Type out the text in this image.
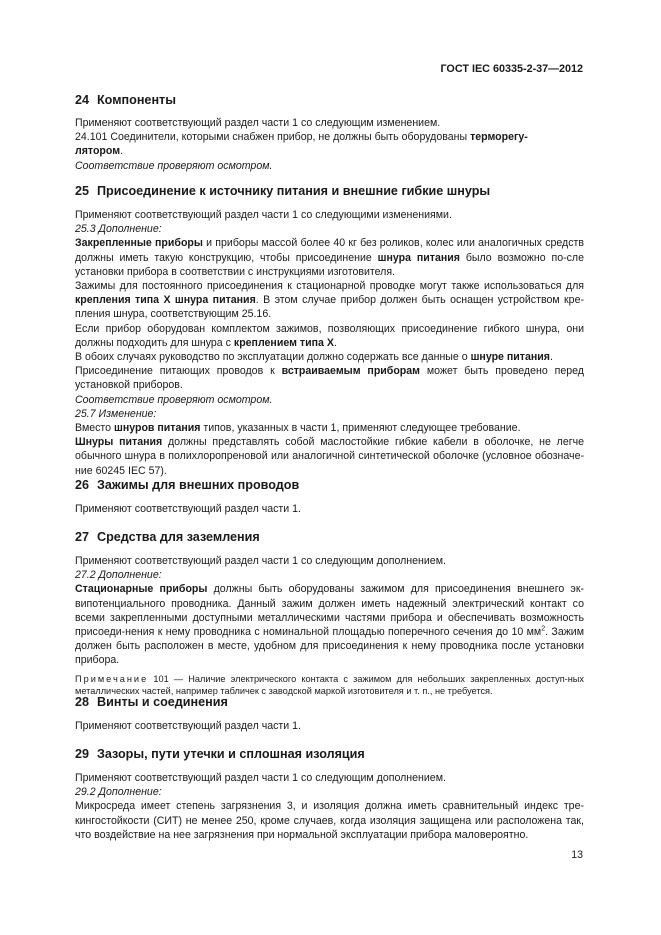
ГОСТ IEC 60335-2-37—2012
24 Компоненты

Применяют соответствующий раздел части 1 со следующим изменением.

24.101 Соединители, которыми снабжен прибор, не должны быть оборудованы терморегу-
лятором.

Соответствие проверяют осмотром.

25 Присоединение к источнику питания и внешние гибкие шнуры

Применяют соответствующий раздел части 1 со следующими изменениями.

25.3 Дополнение:

Закрепленные приборы и приборы массой более 40 кг без роликов, колес или аналогичных средств должны иметь такую конструкцию, чтобы присоединение шнура питания было возможно по-сле установки прибора в соответствии с инструкциями изготовителя.

Зажимы для постоянного присоединения к стационарной проводке могут также использоваться для крепления типа X шнура питания. В этом случае прибор должен быть оснащен устройством кре-пления шнура, соответствующим 25.16.

Если прибор оборудован комплектом зажимов, позволяющих присоединение гибкого шнура, они должны подходить для шнура с креплением типа X.

В обоих случаях руководство по эксплуатации должно содержать все данные о шнуре питания.

Присоединение питающих проводов к встраиваемым приборам может быть проведено перед установкой приборов.

Соответствие проверяют осмотром.

25.7 Изменение:

Вместо шнуров питания типов, указанных в части 1, применяют следующее требование.

Шнуры питания должны представлять собой маслостойкие гибкие кабели в оболочке, не легче обычного шнура в полихлоропреновой или аналогичной синтетической оболочке (условное обозначе-ние 60245 IEC 57).

26 Зажимы для внешних проводов

Применяют соответствующий раздел части 1.

27 Средства для заземления

Применяют соответствующий раздел части 1 со следующим дополнением.

27.2 Дополнение:

Стационарные приборы должны быть оборудованы зажимом для присоединения внешнего эк-випотенциального проводника. Данный зажим должен иметь надежный электрический контакт со всеми закрепленными доступными металлическими частями прибора и обеспечивать возможность присоеди-нения к нему проводника с номинальной площадью поперечного сечения до 10 $мм^2$. Зажим должен быть расположен в месте, удобном для присоединения к нему проводника после установки прибора.

Примечание 101 — Наличие электрического контакта с зажимом для небольших закрепленных доступ-ных металлических частей, например табличек с заводской маркой изготовителя и т. п., не требуется.

28 Винты и соединения

Применяют соответствующий раздел части 1.

29 Зазоры, пути утечки и сплошная изоляция

Применяют соответствующий раздел части 1 со следующим дополнением.

29.2 Дополнение:

Микросреда имеет степень загрязнения 3, и изоляция должна иметь сравнительный индекс тре-кингостойкости (СИТ) не менее 250, кроме случаев, когда изоляция защищена или расположена так, что воздействие на нее загрязнения при нормальной эксплуатации прибора маловероятно.

13
